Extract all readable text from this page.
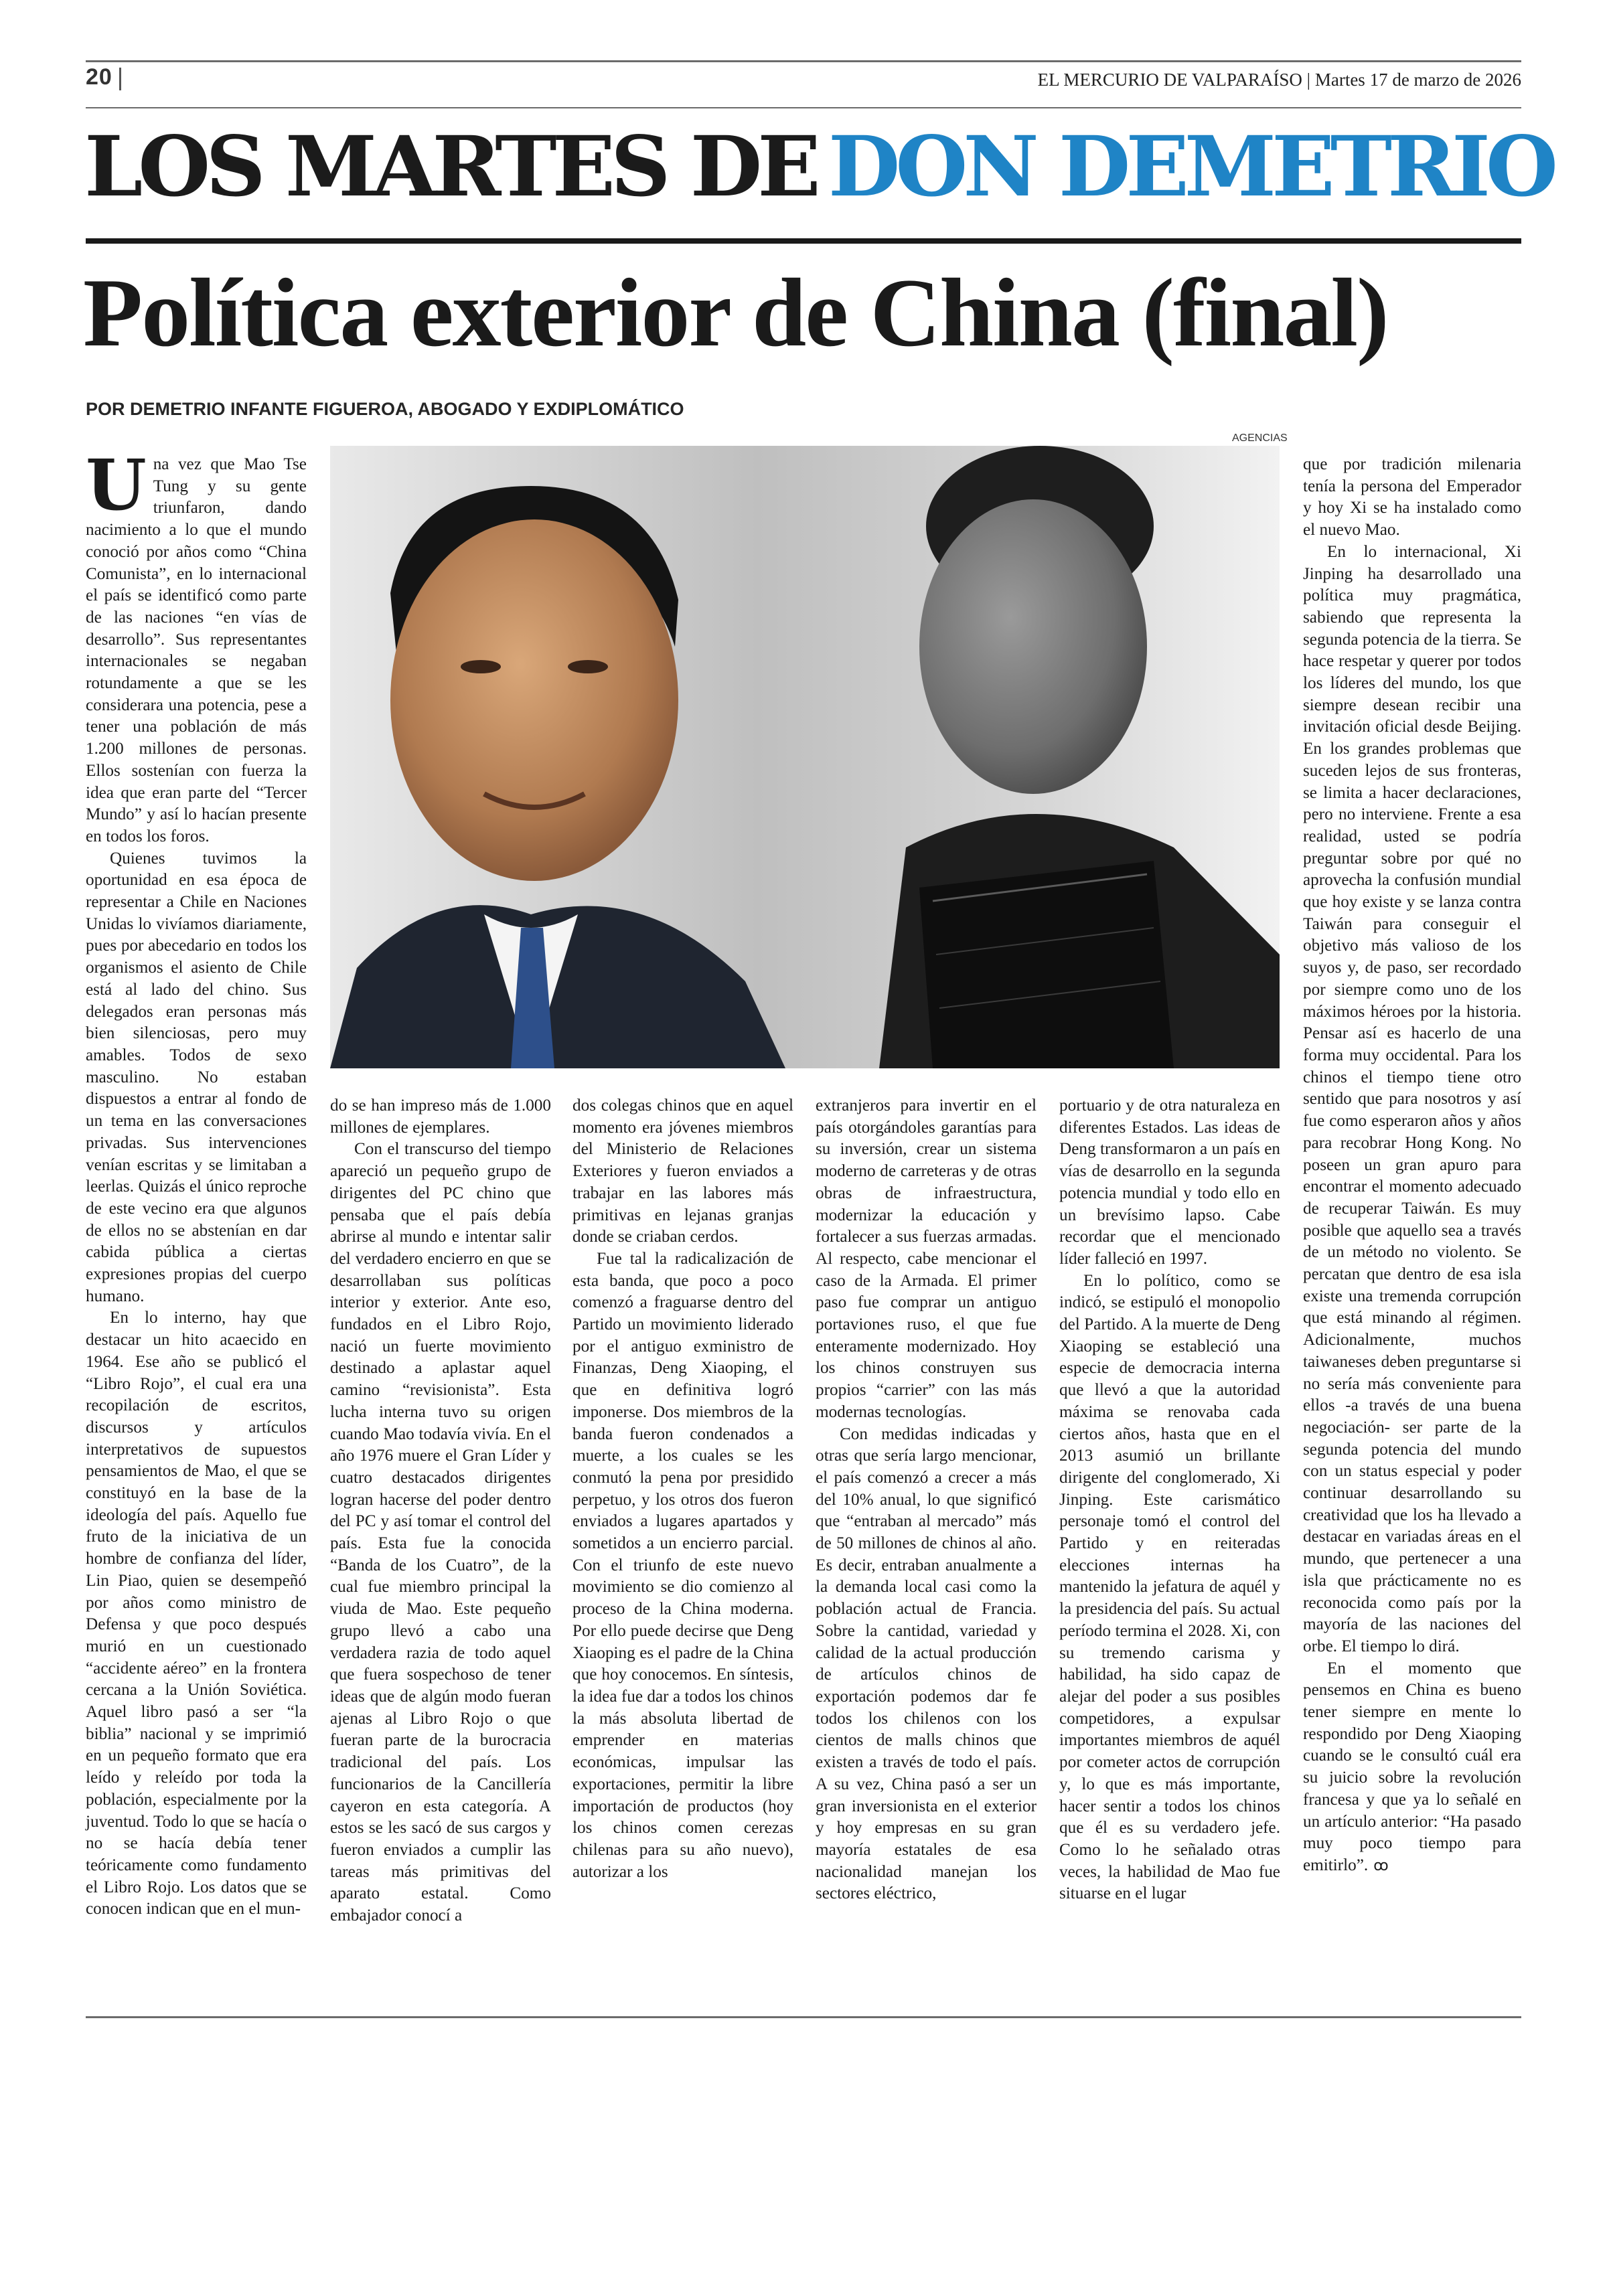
20	EL MERCURIO DE VALPARAÍSO | Martes 17 de marzo de 2026
LOS MARTES DE DON DEMETRIO
Política exterior de China (final)
POR DEMETRIO INFANTE FIGUEROA, ABOGADO Y EXDIPLOMÁTICO
AGENCIAS
U na vez que Mao Tse Tung y su gente triunfaron, dando nacimiento a lo que el mundo conoció por años como “China Comunista”, en lo internacional el país se identificó como parte de las naciones “en vías de desarrollo”. Sus representantes internacionales se negaban rotundamente a que se les considerara una potencia, pese a tener una población de más 1.200 millones de personas. Ellos sostenían con fuerza la idea que eran parte del “Tercer Mundo” y así lo hacían presente en todos los foros.

Quienes tuvimos la oportunidad en esa época de representar a Chile en Naciones Unidas lo vivíamos diariamente, pues por abecedario en todos los organismos el asiento de Chile está al lado del chino. Sus delegados eran personas más bien silenciosas, pero muy amables. Todos de sexo masculino. No estaban dispuestos a entrar al fondo de un tema en las conversaciones privadas. Sus intervenciones venían escritas y se limitaban a leerlas. Quizás el único reproche de este vecino era que algunos de ellos no se abstenían en dar cabida pública a ciertas expresiones propias del cuerpo humano.

En lo interno, hay que destacar un hito acaecido en 1964. Ese año se publicó el “Libro Rojo”, el cual era una recopilación de escritos, discursos y artículos interpretativos de supuestos pensamientos de Mao, el que se constituyó en la base de la ideología del país. Aquello fue fruto de la iniciativa de un hombre de confianza del líder, Lin Piao, quien se desempeñó por años como ministro de Defensa y que poco después murió en un cuestionado “accidente aéreo” en la frontera cercana a la Unión Soviética. Aquel libro pasó a ser “la biblia” nacional y se imprimió en un pequeño formato que era leído y releído por toda la población, especialmente por la juventud. Todo lo que se hacía o no se hacía debía tener teóricamente como fundamento el Libro Rojo. Los datos que se conocen indican que en el mun-

do se han impreso más de 1.000 millones de ejemplares.

Con el transcurso del tiempo apareció un pequeño grupo de dirigentes del PC chino que pensaba que el país debía abrirse al mundo e intentar salir del verdadero encierro en que se desarrollaban sus políticas interior y exterior. Ante eso, fundados en el Libro Rojo, nació un fuerte movimiento destinado a aplastar aquel camino “revisionista”. Esta lucha interna tuvo su origen cuando Mao todavía vivía. En el año 1976 muere el Gran Líder y cuatro destacados dirigentes logran hacerse del poder dentro del PC y así tomar el control del país. Esta fue la conocida “Banda de los Cuatro”, de la cual fue miembro principal la viuda de Mao. Este pequeño grupo llevó a cabo una verdadera razia de todo aquel que fuera sospechoso de tener ideas que de algún modo fueran ajenas al Libro Rojo o que fueran parte de la burocracia tradicional del país. Los funcionarios de la Cancillería cayeron en esta categoría. A estos se les sacó de sus cargos y fueron enviados a cumplir las tareas más primitivas del aparato estatal. Como embajador conocí a

dos colegas chinos que en aquel momento era jóvenes miembros del Ministerio de Relaciones Exteriores y fueron enviados a trabajar en las labores más primitivas en lejanas granjas donde se criaban cerdos.

Fue tal la radicalización de esta banda, que poco a poco comenzó a fraguarse dentro del Partido un movimiento liderado por el antiguo exministro de Finanzas, Deng Xiaoping, el que en definitiva logró imponerse. Dos miembros de la banda fueron condenados a muerte, a los cuales se les conmutó la pena por presidido perpetuo, y los otros dos fueron enviados a lugares apartados y sometidos a un encierro parcial. Con el triunfo de este nuevo movimiento se dio comienzo al proceso de la China moderna. Por ello puede decirse que Deng Xiaoping es el padre de la China que hoy conocemos. En síntesis, la idea fue dar a todos los chinos la más absoluta libertad de emprender en materias económicas, impulsar las exportaciones, permitir la libre importación de productos (hoy los chinos comen cerezas chilenas para su año nuevo), autorizar a los

extranjeros para invertir en el país otorgándoles garantías para su inversión, crear un sistema moderno de carreteras y de otras obras de infraestructura, modernizar la educación y fortalecer a sus fuerzas armadas. Al respecto, cabe mencionar el caso de la Armada. El primer paso fue comprar un antiguo portaviones ruso, el que fue enteramente modernizado. Hoy los chinos construyen sus propios “carrier” con las más modernas tecnologías.

Con medidas indicadas y otras que sería largo mencionar, el país comenzó a crecer a más del 10% anual, lo que significó que “entraban al mercado” más de 50 millones de chinos al año. Es decir, entraban anualmente a la demanda local casi como la población actual de Francia. Sobre la cantidad, variedad y calidad de la actual producción de artículos chinos de exportación podemos dar fe todos los chilenos con los cientos de malls chinos que existen a través de todo el país. A su vez, China pasó a ser un gran inversionista en el exterior y hoy empresas en su gran mayoría estatales de esa nacionalidad manejan los sectores eléctrico,

portuario y de otra naturaleza en diferentes Estados. Las ideas de Deng transformaron a un país en vías de desarrollo en la segunda potencia mundial y todo ello en un brevísimo lapso. Cabe recordar que el mencionado líder falleció en 1997.

En lo político, como se indicó, se estipuló el monopolio del Partido. A la muerte de Deng Xiaoping se estableció una especie de democracia interna que llevó a que la autoridad máxima se renovaba cada ciertos años, hasta que en el 2013 asumió un brillante dirigente del conglomerado, Xi Jinping. Este carismático personaje tomó el control del Partido y en reiteradas elecciones internas ha mantenido la jefatura de aquél y la presidencia del país. Su actual período termina el 2028. Xi, con su tremendo carisma y habilidad, ha sido capaz de alejar del poder a sus posibles competidores, a expulsar importantes miembros de aquél por cometer actos de corrupción y, lo que es más importante, hacer sentir a todos los chinos que él es su verdadero jefe. Como lo he señalado otras veces, la habilidad de Mao fue situarse en el lugar

que por tradición milenaria tenía la persona del Emperador y hoy Xi se ha instalado como el nuevo Mao.

En lo internacional, Xi Jinping ha desarrollado una política muy pragmática, sabiendo que representa la segunda potencia de la tierra. Se hace respetar y querer por todos los líderes del mundo, los que siempre desean recibir una invitación oficial desde Beijing. En los grandes problemas que suceden lejos de sus fronteras, se limita a hacer declaraciones, pero no interviene. Frente a esa realidad, usted se podría preguntar sobre por qué no aprovecha la confusión mundial que hoy existe y se lanza contra Taiwán para conseguir el objetivo más valioso de los suyos y, de paso, ser recordado por siempre como uno de los máximos héroes por la historia. Pensar así es hacerlo de una forma muy occidental. Para los chinos el tiempo tiene otro sentido que para nosotros y así fue como esperaron años y años para recobrar Hong Kong. No poseen un gran apuro para encontrar el momento adecuado de recuperar Taiwán. Es muy posible que aquello sea a través de un método no violento. Se percatan que dentro de esa isla existe una tremenda corrupción que está minando al régimen. Adicionalmente, muchos taiwaneses deben preguntarse si no sería más conveniente para ellos -a través de una buena negociación- ser parte de la segunda potencia del mundo con un status especial y poder continuar desarrollando su creatividad que los ha llevado a destacar en variadas áreas en el mundo, que pertenecer a una isla que prácticamente no es reconocida como país por la mayoría de las naciones del orbe. El tiempo lo dirá.

En el momento que pensemos en China es bueno tener siempre en mente lo respondido por Deng Xiaoping cuando se le consultó cuál era su juicio sobre la revolución francesa y que ya lo señalé en un artículo anterior: “Ha pasado muy poco tiempo para emitirlo”. ꝏ
